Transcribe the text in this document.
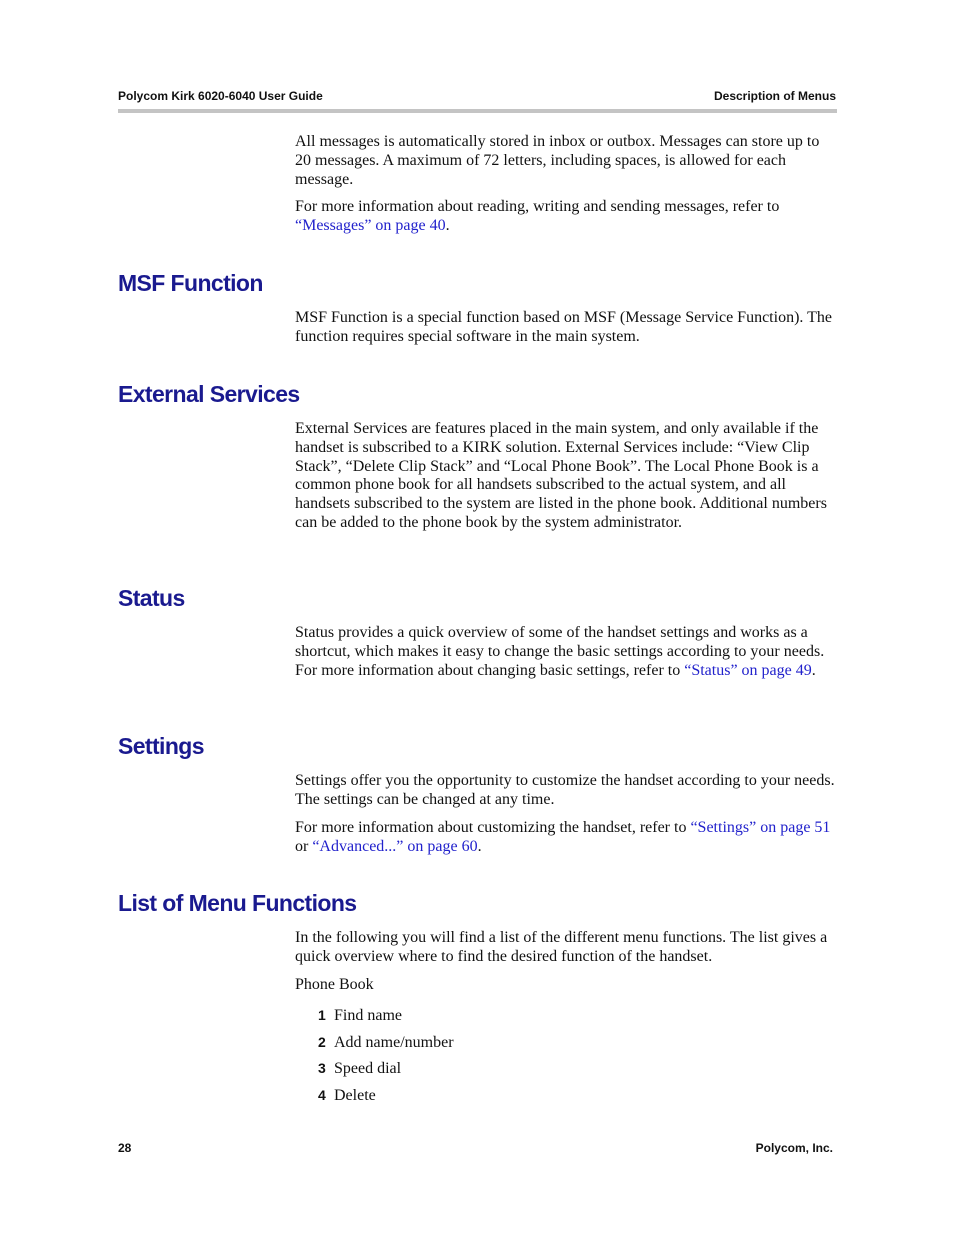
Polycom Kirk 6020-6040 User Guide	Description of Menus

All messages is automatically stored in inbox or outbox. Messages can store up to 20 messages. A maximum of 72 letters, including spaces, is allowed for each message.

For more information about reading, writing and sending messages, refer to “Messages” on page 40.

MSF Function

MSF Function is a special function based on MSF (Message Service Function). The function requires special software in the main system.

External Services

External Services are features placed in the main system, and only available if the handset is subscribed to a KIRK solution. External Services include: “View Clip Stack”, “Delete Clip Stack” and “Local Phone Book”. The Local Phone Book is a common phone book for all handsets subscribed to the actual system, and all handsets subscribed to the system are listed in the phone book. Additional numbers can be added to the phone book by the system administrator.

Status

Status provides a quick overview of some of the handset settings and works as a shortcut, which makes it easy to change the basic settings according to your needs. For more information about changing basic settings, refer to “Status” on page 49.

Settings

Settings offer you the opportunity to customize the handset according to your needs. The settings can be changed at any time.

For more information about customizing the handset, refer to “Settings” on page 51 or “Advanced...” on page 60.

List of Menu Functions

In the following you will find a list of the different menu functions. The list gives a quick overview where to find the desired function of the handset.

Phone Book

1 Find name
2 Add name/number
3 Speed dial
4 Delete
28	Polycom, Inc.
